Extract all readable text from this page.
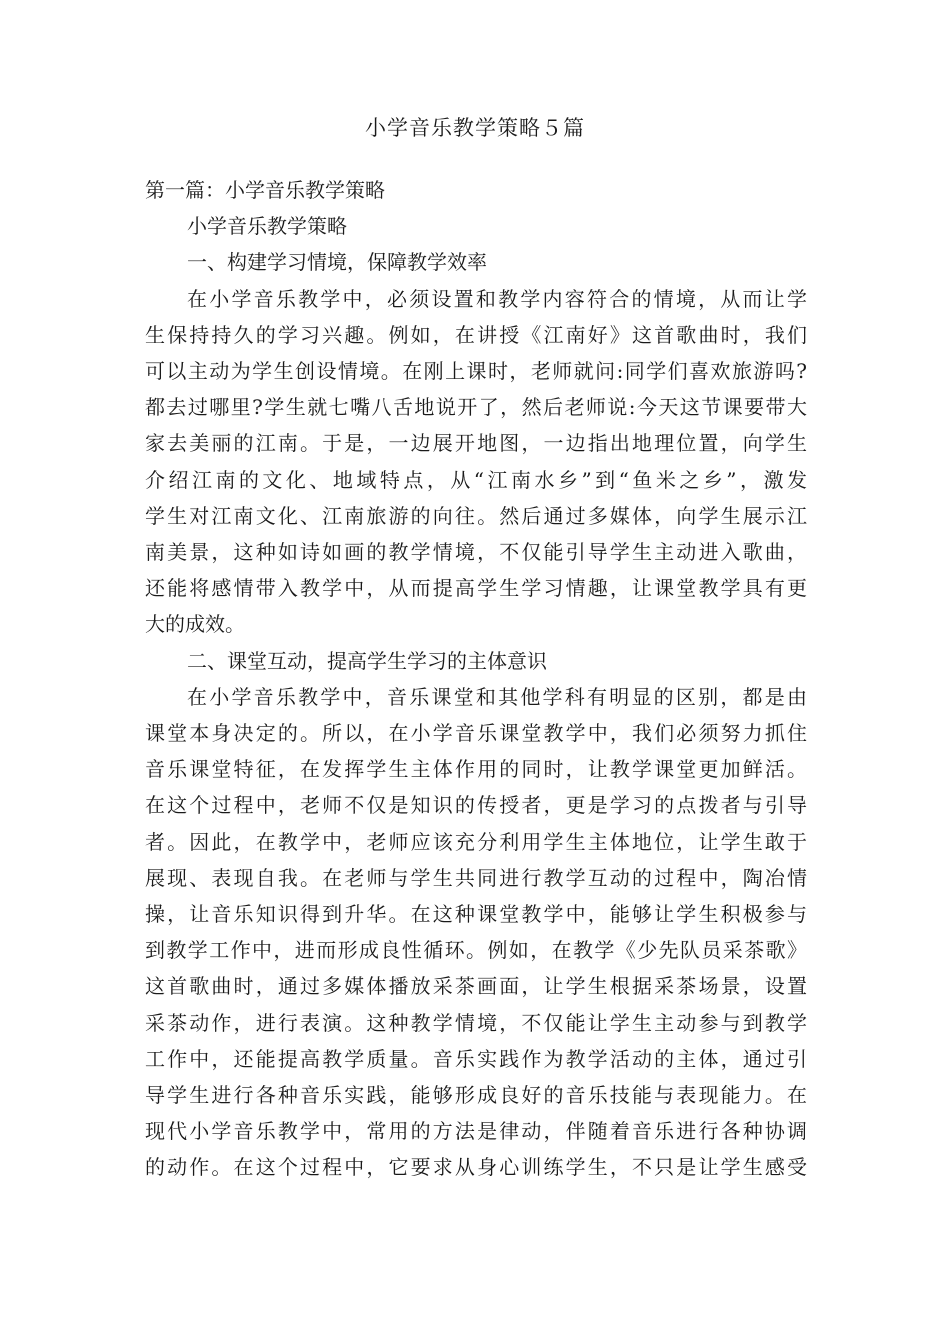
小学音乐教学策略５篇
第一篇：小学音乐教学策略
小学音乐教学策略
一、构建学习情境，保障教学效率
在小学音乐教学中，必须设置和教学内容符合的情境，从而让学
生保持持久的学习兴趣。例如，在讲授《江南好》这首歌曲时，我们
可以主动为学生创设情境。在刚上课时，老师就问:同学们喜欢旅游吗?
都去过哪里?学生就七嘴八舌地说开了，然后老师说:今天这节课要带大
家去美丽的江南。于是，一边展开地图，一边指出地理位置，向学生
介绍江南的文化、地域特点，从“江南水乡”到“鱼米之乡”，激发
学生对江南文化、江南旅游的向往。然后通过多媒体，向学生展示江
南美景，这种如诗如画的教学情境，不仅能引导学生主动进入歌曲，
还能将感情带入教学中，从而提高学生学习情趣，让课堂教学具有更
大的成效。
二、课堂互动，提高学生学习的主体意识
在小学音乐教学中，音乐课堂和其他学科有明显的区别，都是由
课堂本身决定的。所以，在小学音乐课堂教学中，我们必须努力抓住
音乐课堂特征，在发挥学生主体作用的同时，让教学课堂更加鲜活。
在这个过程中，老师不仅是知识的传授者，更是学习的点拨者与引导
者。因此，在教学中，老师应该充分利用学生主体地位，让学生敢于
展现、表现自我。在老师与学生共同进行教学互动的过程中，陶冶情
操，让音乐知识得到升华。在这种课堂教学中，能够让学生积极参与
到教学工作中，进而形成良性循环。例如，在教学《少先队员采茶歌》
这首歌曲时，通过多媒体播放采茶画面，让学生根据采茶场景，设置
采茶动作，进行表演。这种教学情境，不仅能让学生主动参与到教学
工作中，还能提高教学质量。音乐实践作为教学活动的主体，通过引
导学生进行各种音乐实践，能够形成良好的音乐技能与表现能力。在
现代小学音乐教学中，常用的方法是律动，伴随着音乐进行各种协调
的动作。在这个过程中，它要求从身心训练学生，不只是让学生感受
